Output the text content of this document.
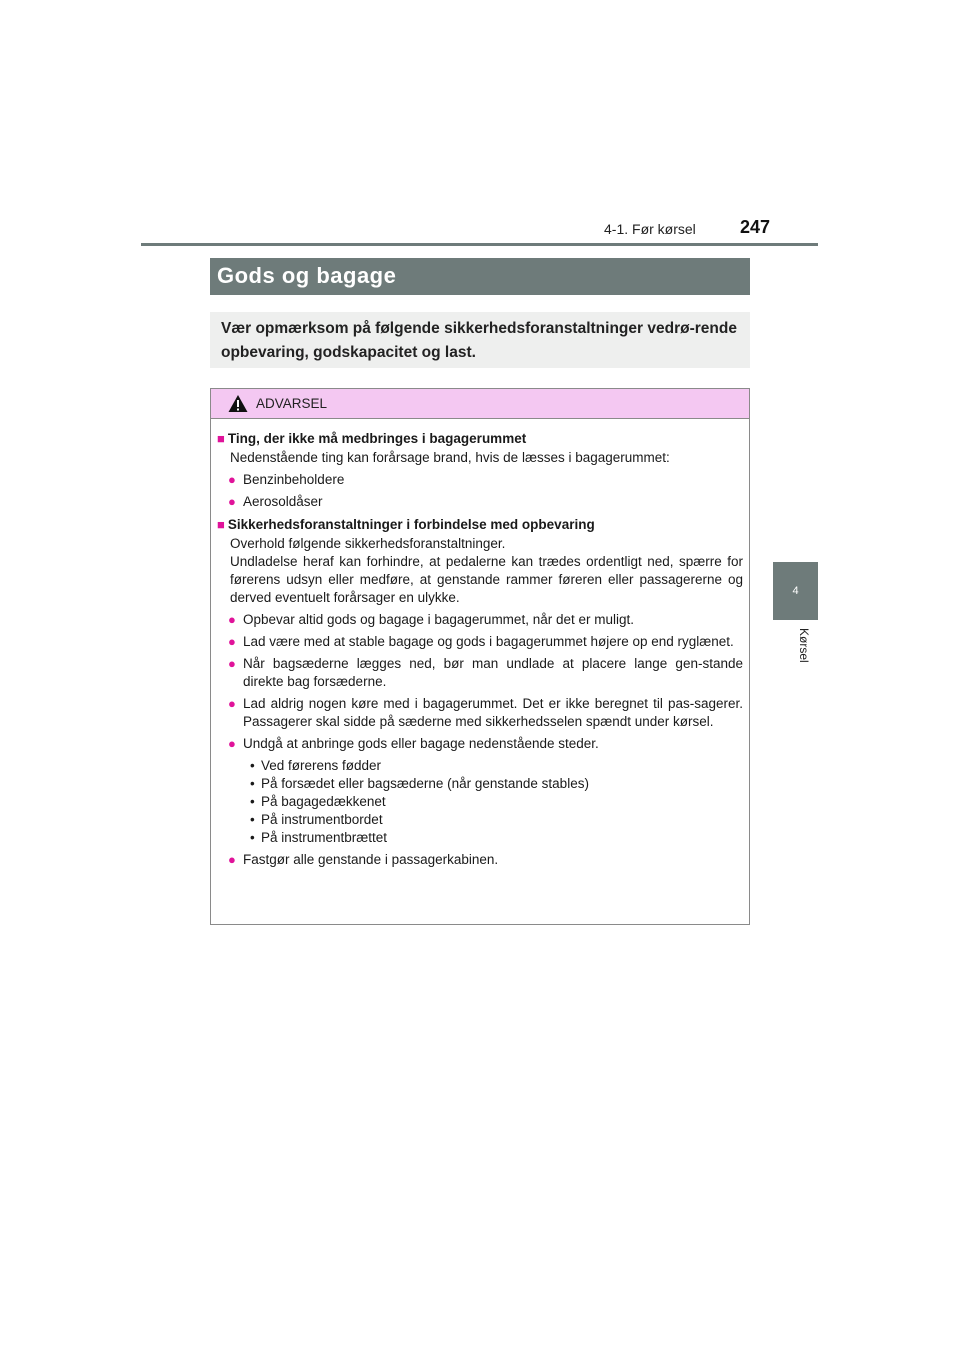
4-1. Før kørsel 247
4
Kørsel
Gods og bagage
Vær opmærksom på følgende sikkerhedsforanstaltninger vedrø-rende opbevaring, godskapacitet og last.
ADVARSEL
■ Ting, der ikke må medbringes i bagagerummet
Nedenstående ting kan forårsage brand, hvis de læsses i bagagerummet:
● Benzinbeholdere
● Aerosoldåser
■ Sikkerhedsforanstaltninger i forbindelse med opbevaring
Overhold følgende sikkerhedsforanstaltninger.
Undladelse heraf kan forhindre, at pedalerne kan trædes ordentligt ned, spærre for førerens udsyn eller medføre, at genstande rammer føreren eller passagererne og derved eventuelt forårsager en ulykke.
● Opbevar altid gods og bagage i bagagerummet, når det er muligt.
● Lad være med at stable bagage og gods i bagagerummet højere op end ryglænet.
● Når bagsæderne lægges ned, bør man undlade at placere lange gen-stande direkte bag forsæderne.
● Lad aldrig nogen køre med i bagagerummet. Det er ikke beregnet til pas-sagerer. Passagerer skal sidde på sæderne med sikkerhedsselen spændt under kørsel.
● Undgå at anbringe gods eller bagage nedenstående steder.
• Ved førerens fødder
• På forsædet eller bagsæderne (når genstande stables)
• På bagagedækkenet
• På instrumentbordet
• På instrumentbrættet
● Fastgør alle genstande i passagerkabinen.
